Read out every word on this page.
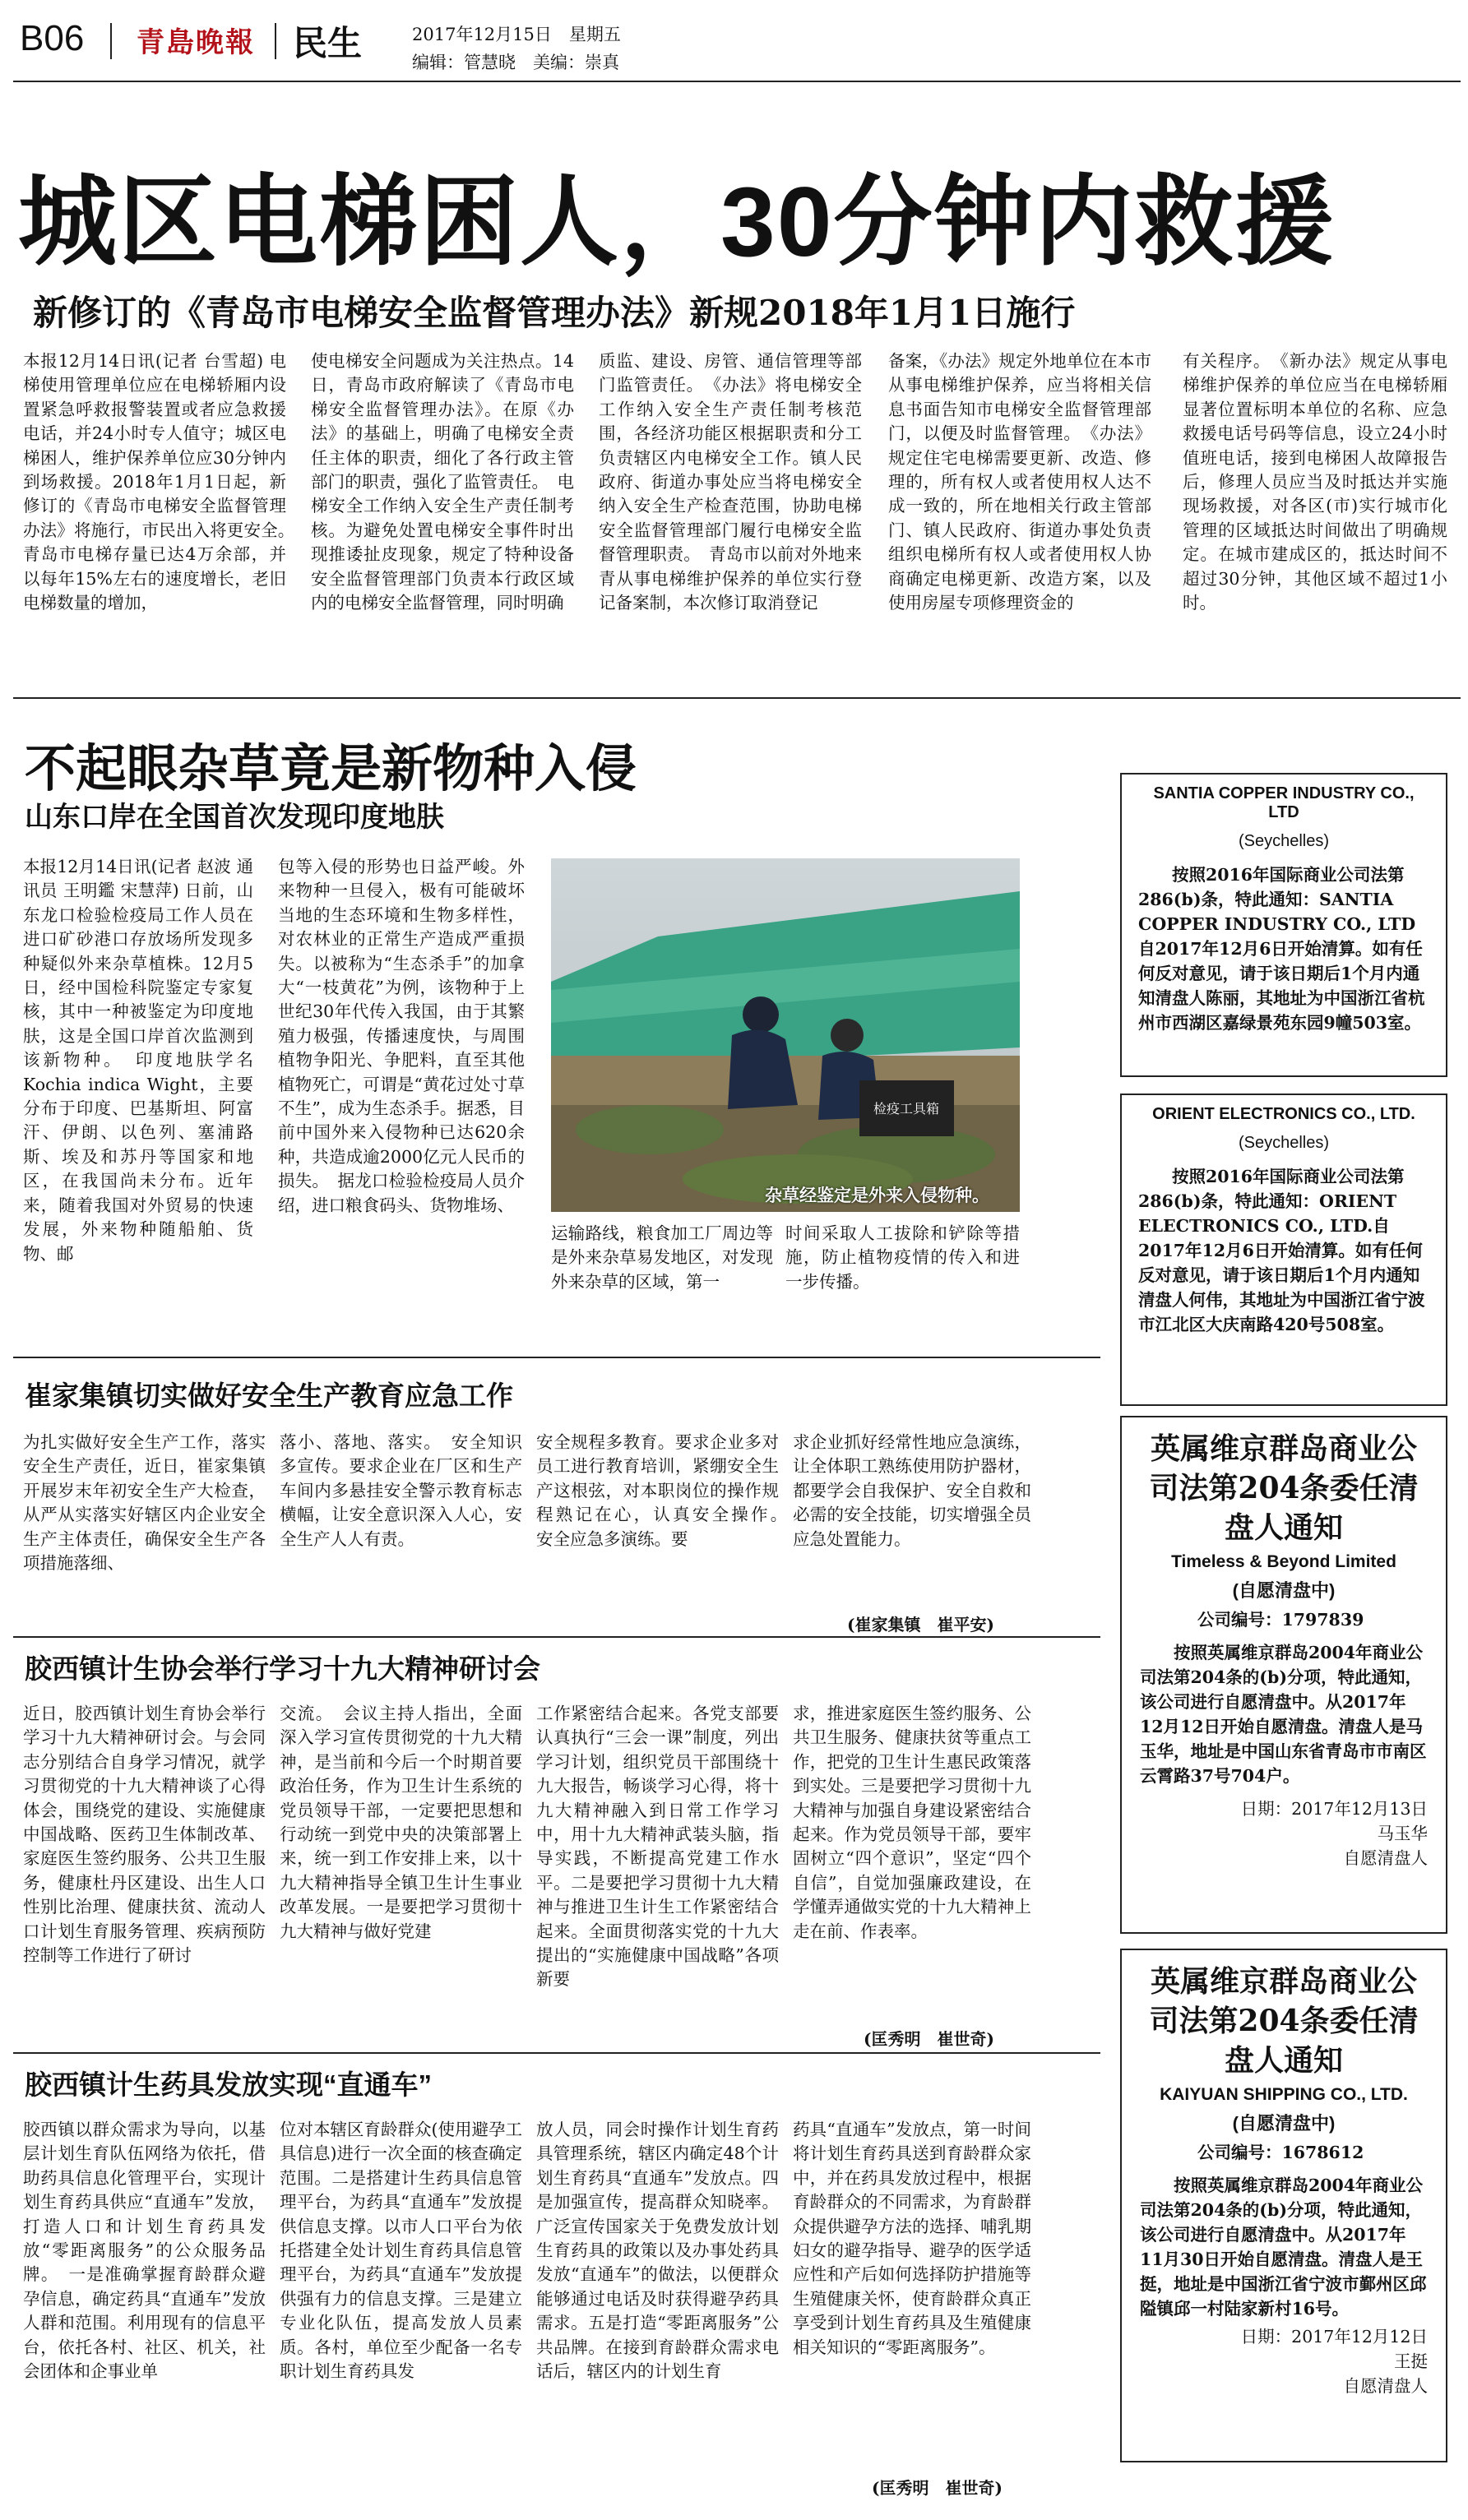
B06 青島晚報 民生	2017年12月15日　星期五
编辑：管慧晓　美编：崇真
城区电梯困人，30分钟内救援
新修订的《青岛市电梯安全监督管理办法》新规2018年1月1日施行
本报12月14日讯(记者 台雪超) 电梯使用管理单位应在电梯轿厢内设置紧急呼救报警装置或者应急救援电话，并24小时专人值守；城区电梯困人，维护保养单位应30分钟内到场救援。2018年1月1日起，新修订的《青岛市电梯安全监督管理办法》将施行，市民出入将更安全。　青岛市电梯存量已达4万余部，并以每年15%左右的速度增长，老旧电梯数量的增加，
使电梯安全问题成为关注热点。14日，青岛市政府解读了《青岛市电梯安全监督管理办法》。在原《办法》的基础上，明确了电梯安全责任主体的职责，细化了各行政主管部门的职责，强化了监管责任。　电梯安全工作纳入安全生产责任制考核。为避免处置电梯安全事件时出现推诿扯皮现象，规定了特种设备安全监督管理部门负责本行政区域内的电梯安全监督管理，同时明确
质监、建设、房管、通信管理等部门监管责任。　《办法》将电梯安全工作纳入安全生产责任制考核范围，各经济功能区根据职责和分工负责辖区内电梯安全工作。镇人民政府、街道办事处应当将电梯安全纳入安全生产检查范围，协助电梯安全监督管理部门履行电梯安全监督管理职责。　青岛市以前对外地来青从事电梯维护保养的单位实行登记备案制，本次修订取消登记
备案，《办法》规定外地单位在本市从事电梯维护保养，应当将相关信息书面告知市电梯安全监督管理部门，以便及时监督管理。　《办法》规定住宅电梯需要更新、改造、修理的，所有权人或者使用权人达不成一致的，所在地相关行政主管部门、镇人民政府、街道办事处负责组织电梯所有权人或者使用权人协商确定电梯更新、改造方案，以及使用房屋专项修理资金的
有关程序。　《新办法》规定从事电梯维护保养的单位应当在电梯轿厢显著位置标明本单位的名称、应急救援电话号码等信息，设立24小时值班电话，接到电梯困人故障报告后，修理人员应当及时抵达并实施现场救援，对各区(市)实行城市化管理的区域抵达时间做出了明确规定。在城市建成区的，抵达时间不超过30分钟，其他区域不超过1小时。
不起眼杂草竟是新物种入侵
山东口岸在全国首次发现印度地肤
本报12月14日讯(记者 赵波 通讯员 王明鑑 宋慧萍) 日前，山东龙口检验检疫局工作人员在进口矿砂港口存放场所发现多种疑似外来杂草植株。12月5日，经中国检科院鉴定专家复核，其中一种被鉴定为印度地肤，这是全国口岸首次监测到该新物种。　印度地肤学名Kochia indica Wight，主要分布于印度、巴基斯坦、阿富汗、伊朗、以色列、塞浦路斯、埃及和苏丹等国家和地区，在我国尚未分布。近年来，随着我国对外贸易的快速发展，外来物种随船舶、货物、邮
包等入侵的形势也日益严峻。外来物种一旦侵入，极有可能破坏当地的生态环境和生物多样性，对农林业的正常生产造成严重损失。以被称为“生态杀手”的加拿大“一枝黄花”为例，该物种于上世纪30年代传入我国，由于其繁殖力极强，传播速度快，与周围植物争阳光、争肥料，直至其他植物死亡，可谓是“黄花过处寸草不生”，成为生态杀手。据悉，目前中国外来入侵物种已达620余种，共造成逾2000亿元人民币的损失。　据龙口检验检疫局人员介绍，进口粮食码头、货物堆场、
检疫工具箱
杂草经鉴定是外来入侵物种。
运输路线，粮食加工厂周边等是外来杂草易发地区，对发现外来杂草的区域，第一
时间采取人工拔除和铲除等措施，防止植物疫情的传入和进一步传播。
崔家集镇切实做好安全生产教育应急工作
为扎实做好安全生产工作，落实安全生产责任，近日，崔家集镇开展岁末年初安全生产大检查，从严从实落实好辖区内企业安全生产主体责任，确保安全生产各项措施落细、
落小、落地、落实。　安全知识多宣传。要求企业在厂区和生产车间内多悬挂安全警示教育标志横幅，让安全意识深入人心，安全生产人人有责。
安全规程多教育。要求企业多对员工进行教育培训，紧绷安全生产这根弦，对本职岗位的操作规程熟记在心，认真安全操作。　安全应急多演练。要
求企业抓好经常性地应急演练，让全体职工熟练使用防护器材，都要学会自我保护、安全自救和必需的安全技能，切实增强全员应急处置能力。
(崔家集镇　崔平安)
胶西镇计生协会举行学习十九大精神研讨会
近日，胶西镇计划生育协会举行学习十九大精神研讨会。与会同志分别结合自身学习情况，就学习贯彻党的十九大精神谈了心得体会，围绕党的建设、实施健康中国战略、医药卫生体制改革、家庭医生签约服务、公共卫生服务，健康杜丹区建设、出生人口性别比治理、健康扶贫、流动人口计划生育服务管理、疾病预防控制等工作进行了研讨
交流。　会议主持人指出，全面深入学习宣传贯彻党的十九大精神，是当前和今后一个时期首要政治任务，作为卫生计生系统的党员领导干部，一定要把思想和行动统一到党中央的决策部署上来，统一到工作安排上来，以十九大精神指导全镇卫生计生事业改革发展。一是要把学习贯彻十九大精神与做好党建
工作紧密结合起来。各党支部要认真执行“三会一课”制度，列出学习计划，组织党员干部围绕十九大报告，畅谈学习心得，将十九大精神融入到日常工作学习中，用十九大精神武装头脑，指导实践，不断提高党建工作水平。二是要把学习贯彻十九大精神与推进卫生计生工作紧密结合起来。全面贯彻落实党的十九大提出的“实施健康中国战略”各项新要
求，推进家庭医生签约服务、公共卫生服务、健康扶贫等重点工作，把党的卫生计生惠民政策落到实处。三是要把学习贯彻十九大精神与加强自身建设紧密结合起来。作为党员领导干部，要牢固树立“四个意识”，坚定“四个自信”，自觉加强廉政建设，在学懂弄通做实党的十九大精神上走在前、作表率。
(匡秀明　崔世奇)
胶西镇计生药具发放实现“直通车”
胶西镇以群众需求为导向，以基层计划生育队伍网络为依托，借助药具信息化管理平台，实现计划生育药具供应“直通车”发放，打造人口和计划生育药具发放“零距离服务”的公众服务品牌。　一是准确掌握育龄群众避孕信息，确定药具“直通车”发放人群和范围。利用现有的信息平台，依托各村、社区、机关，社会团体和企事业单
位对本辖区育龄群众(使用避孕工具信息)进行一次全面的核查确定范围。二是搭建计生药具信息管理平台，为药具“直通车”发放提供信息支撑。以市人口平台为依托搭建全处计划生育药具信息管理平台，为药具“直通车”发放提供强有力的信息支撑。三是建立专业化队伍，提高发放人员素质。各村，单位至少配备一名专职计划生育药具发
放人员，同会时操作计划生育药具管理系统，辖区内确定48个计划生育药具“直通车”发放点。四是加强宣传，提高群众知晓率。广泛宣传国家关于免费发放计划生育药具的政策以及办事处药具发放“直通车”的做法，以便群众能够通过电话及时获得避孕药具需求。五是打造“零距离服务”公共品牌。在接到育龄群众需求电话后，辖区内的计划生育
药具“直通车”发放点，第一时间将计划生育药具送到育龄群众家中，并在药具发放过程中，根据育龄群众的不同需求，为育龄群众提供避孕方法的选择、哺乳期妇女的避孕指导、避孕的医学适应性和产后如何选择防护措施等生殖健康关怀，使育龄群众真正享受到计划生育药具及生殖健康相关知识的“零距离服务”。
(匡秀明　崔世奇)
SANTIA COPPER INDUSTRY CO., LTD
(Seychelles)
按照2016年国际商业公司法第286(b)条，特此通知：SANTIA COPPER INDUSTRY CO., LTD自2017年12月6日开始清算。如有任何反对意见，请于该日期后1个月内通知清盘人陈丽，其地址为中国浙江省杭州市西湖区嘉绿景苑东园9幢503室。
ORIENT ELECTRONICS CO., LTD.
(Seychelles)
按照2016年国际商业公司法第286(b)条，特此通知：ORIENT ELECTRONICS CO., LTD.自2017年12月6日开始清算。如有任何反对意见，请于该日期后1个月内通知清盘人何伟，其地址为中国浙江省宁波市江北区大庆南路420号508室。
英属维京群岛商业公司法第204条委任清盘人通知
Timeless & Beyond Limited
(自愿清盘中)
公司编号：1797839
按照英属维京群岛2004年商业公司法第204条的(b)分项，特此通知，该公司进行自愿清盘中。从2017年12月12日开始自愿清盘。清盘人是马玉华，地址是中国山东省青岛市市南区云霄路37号704户。
日期：2017年12月13日
马玉华
自愿清盘人
英属维京群岛商业公司法第204条委任清盘人通知
KAIYUAN SHIPPING CO., LTD.
(自愿清盘中)
公司编号：1678612
按照英属维京群岛2004年商业公司法第204条的(b)分项，特此通知，该公司进行自愿清盘中。从2017年11月30日开始自愿清盘。清盘人是王挺，地址是中国浙江省宁波市鄞州区邱隘镇邱一村陆家新村16号。
日期：2017年12月12日
王挺
自愿清盘人
